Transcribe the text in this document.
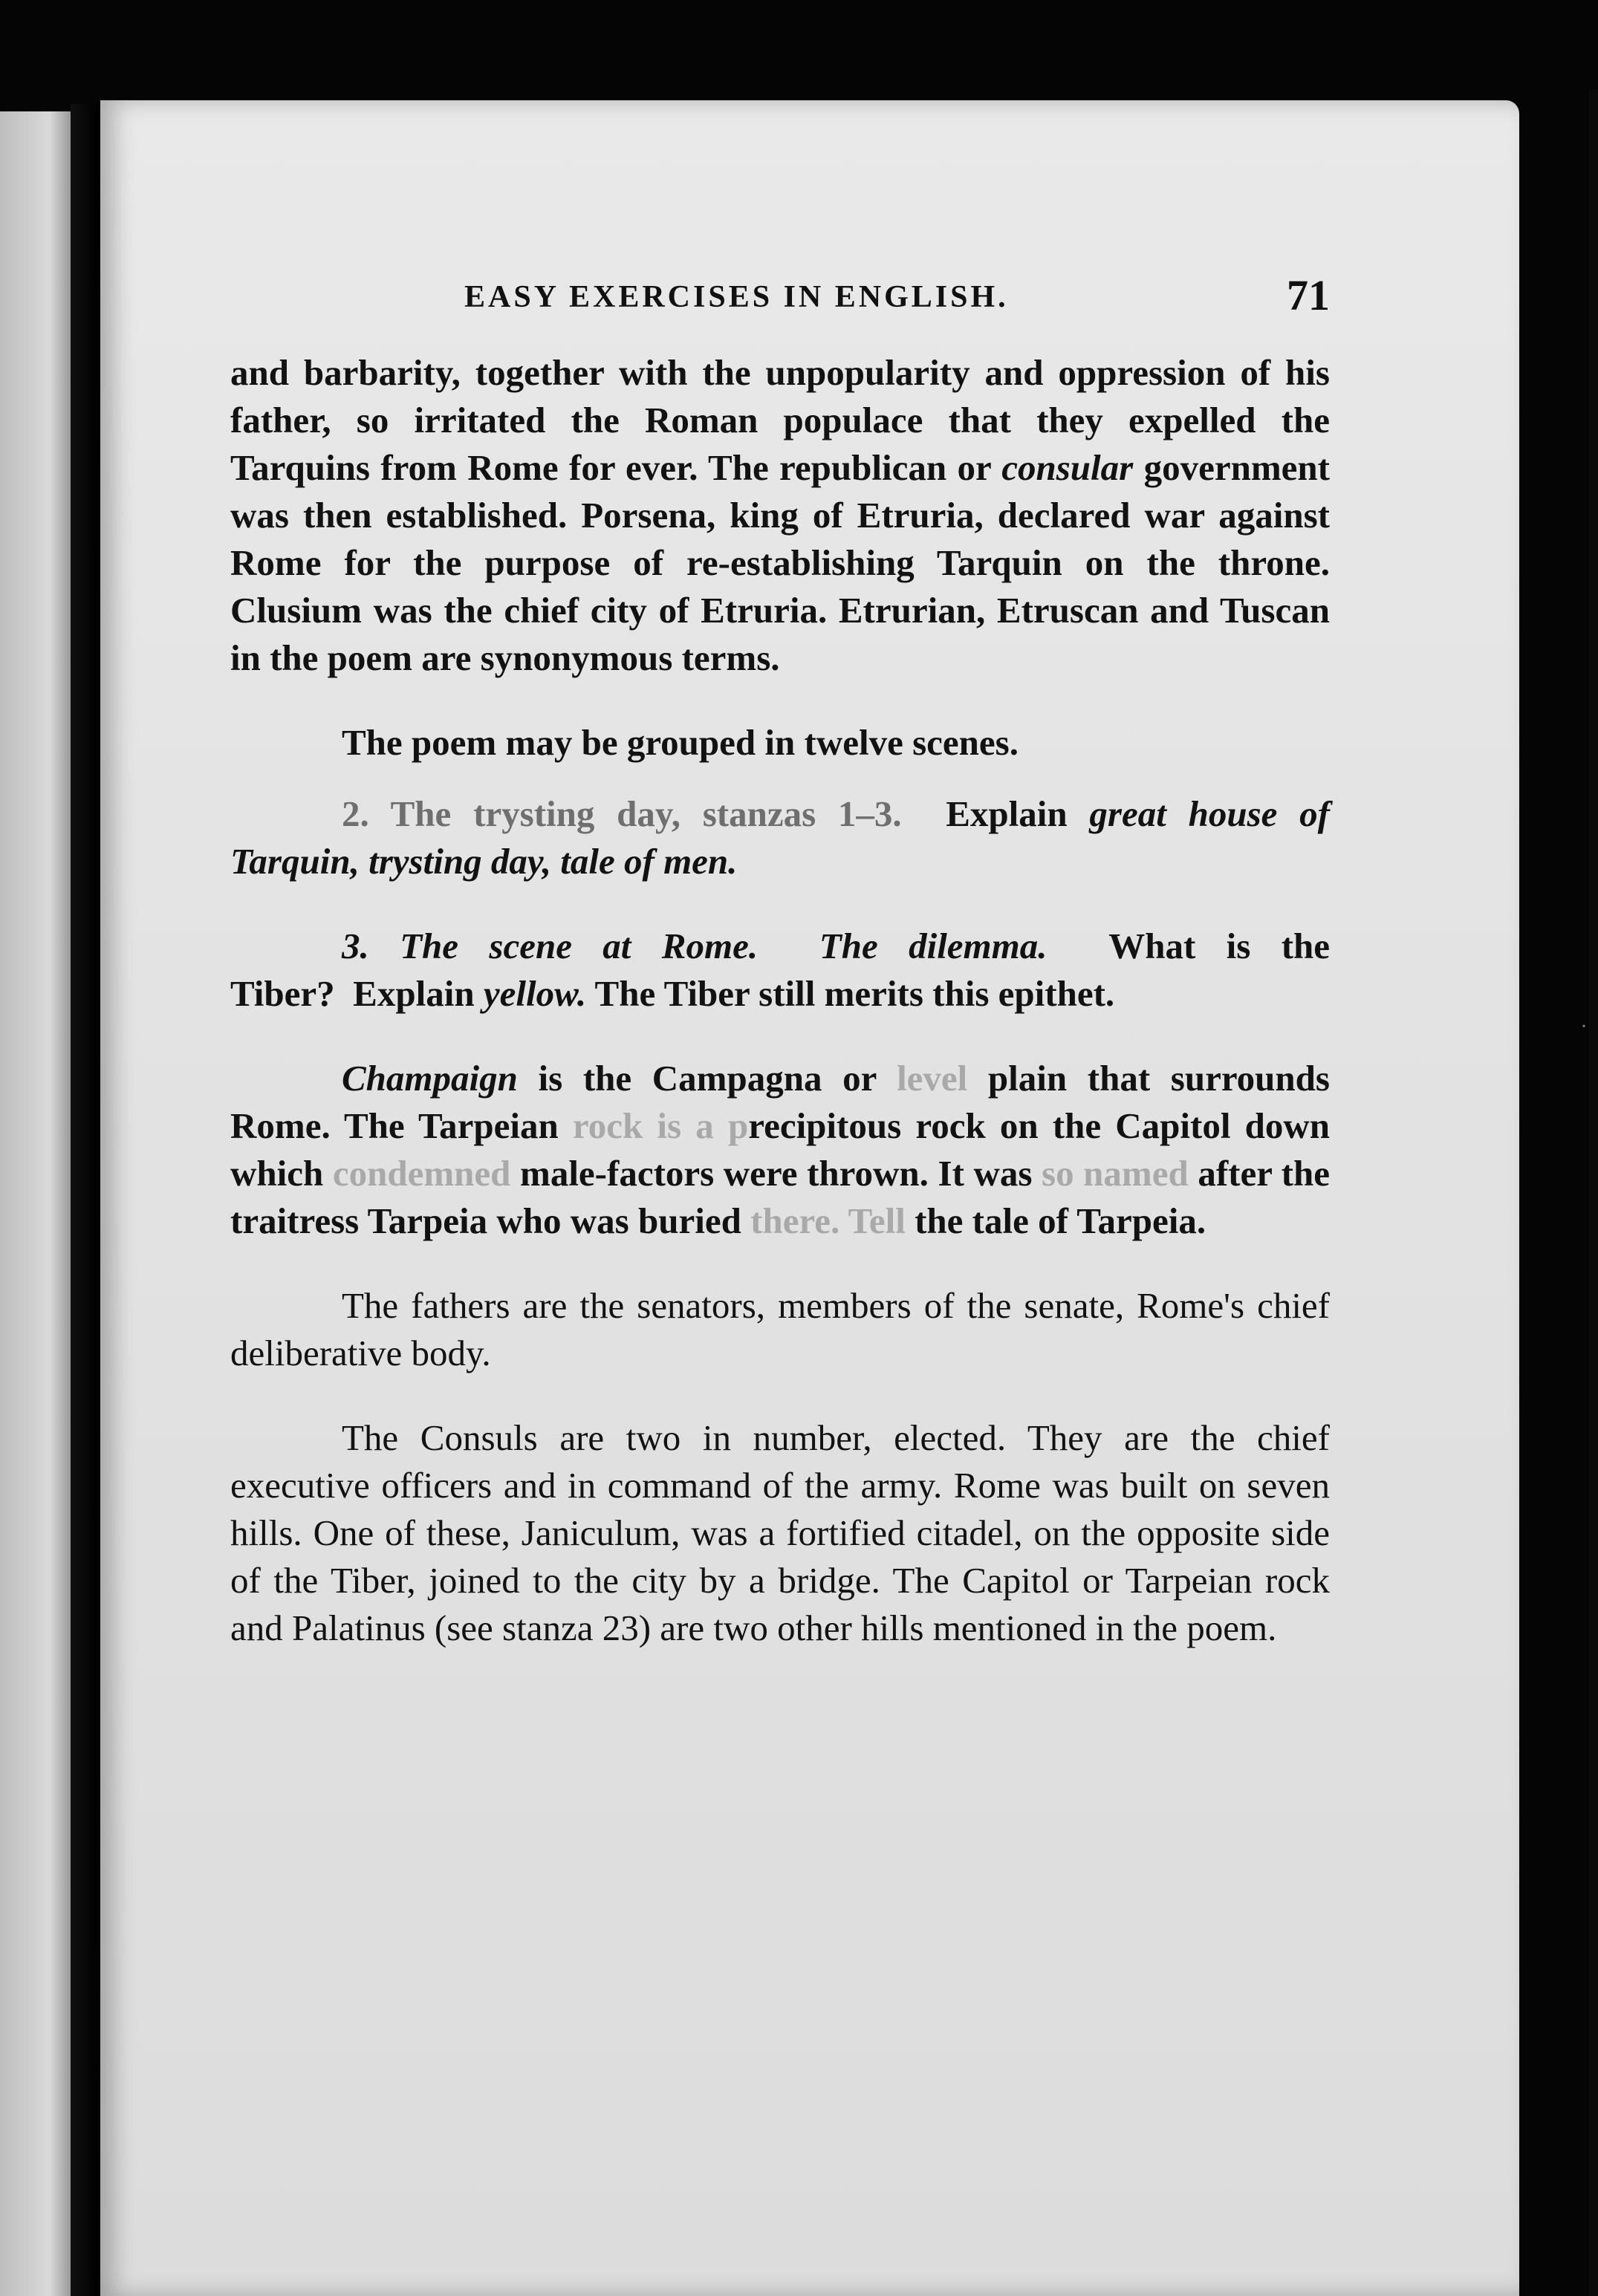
EASY EXERCISES IN ENGLISH.	71

and barbarity, together with the unpopularity and oppression of his father, so irritated the Roman populace that they expelled the Tarquins from Rome for ever. The republican or consular government was then established. Porsena, king of Etruria, declared war against Rome for the purpose of re-establishing Tarquin on the throne. Clusium was the chief city of Etruria. Etrurian, Etruscan and Tuscan in the poem are synonymous terms.

The poem may be grouped in twelve scenes.

2. The trysting day, stanzas 1–3. Explain great house of Tarquin, trysting day, tale of men.

3. The scene at Rome. The dilemma. What is the Tiber? Explain yellow. The Tiber still merits this epithet.

Champaign is the Campagna or level plain that surrounds Rome. The Tarpeian rock is a precipitous rock on the Capitol down which condemned male-factors were thrown. It was so named after the traitress Tarpeia who was buried there. Tell the tale of Tarpeia.

The fathers are the senators, members of the senate, Rome's chief deliberative body.

The Consuls are two in number, elected. They are the chief executive officers and in command of the army. Rome was built on seven hills. One of these, Janiculum, was a fortified citadel, on the opposite side of the Tiber, joined to the city by a bridge. The Capitol or Tarpeian rock and Palatinus (see stanza 23) are two other hills mentioned in the poem.

·
